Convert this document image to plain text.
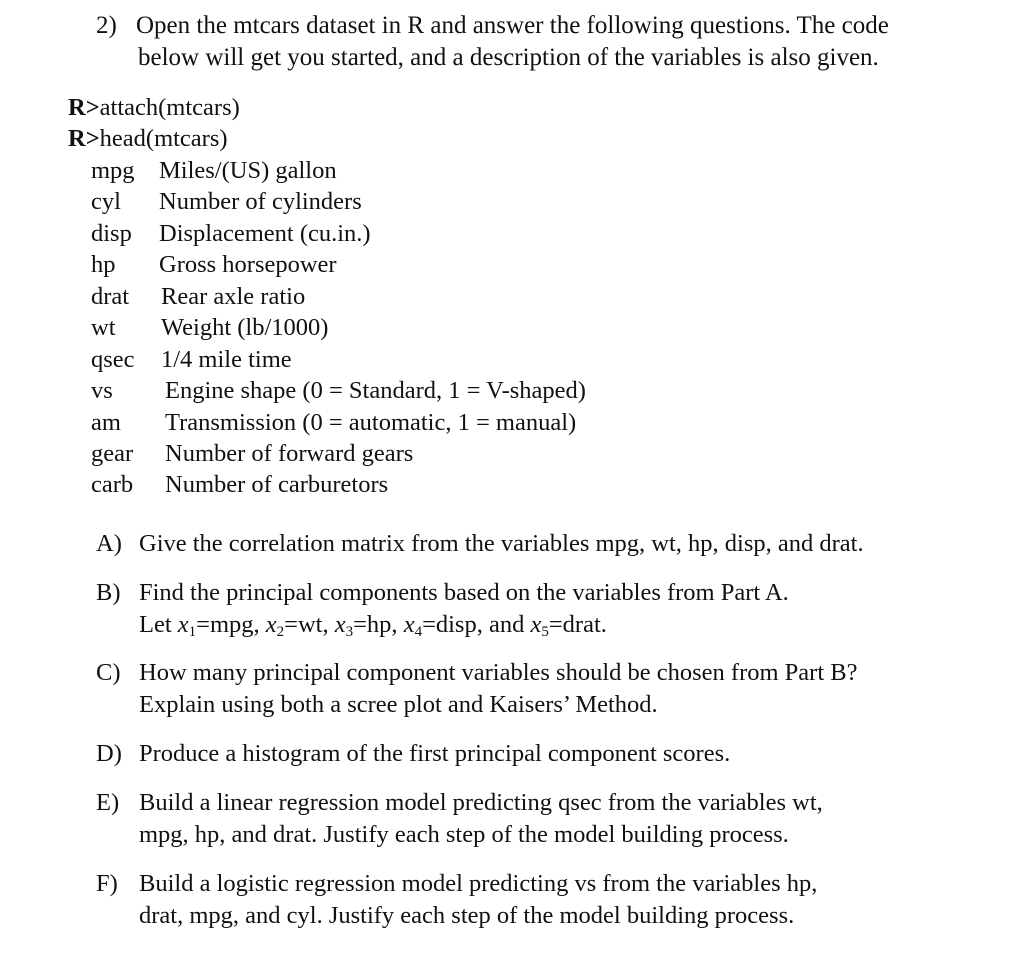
2) Open the mtcars dataset in R and answer the following questions. The code
below will get you started, and a description of the variables is also given.
R>attach(mtcars)
R>head(mtcars)
mpg Miles/(US) gallon
cyl Number of cylinders
disp Displacement (cu.in.)
hp Gross horsepower
drat Rear axle ratio
wt Weight (lb/1000)
qsec 1/4 mile time
vs Engine shape (0 = Standard, 1 = V-shaped)
am Transmission (0 = automatic, 1 = manual)
gear Number of forward gears
carb Number of carburetors
A) Give the correlation matrix from the variables mpg, wt, hp, disp, and drat.
B) Find the principal components based on the variables from Part A.
Let $x_1=mpg$, $x_2=wt$, $x_3=hp$, $x_4=disp$, and $x_5=drat$.
C) How many principal component variables should be chosen from Part B?
Explain using both a scree plot and Kaisers’ Method.
D) Produce a histogram of the first principal component scores.
E) Build a linear regression model predicting qsec from the variables wt,
mpg, hp, and drat. Justify each step of the model building process.
F) Build a logistic regression model predicting vs from the variables hp,
drat, mpg, and cyl. Justify each step of the model building process.
